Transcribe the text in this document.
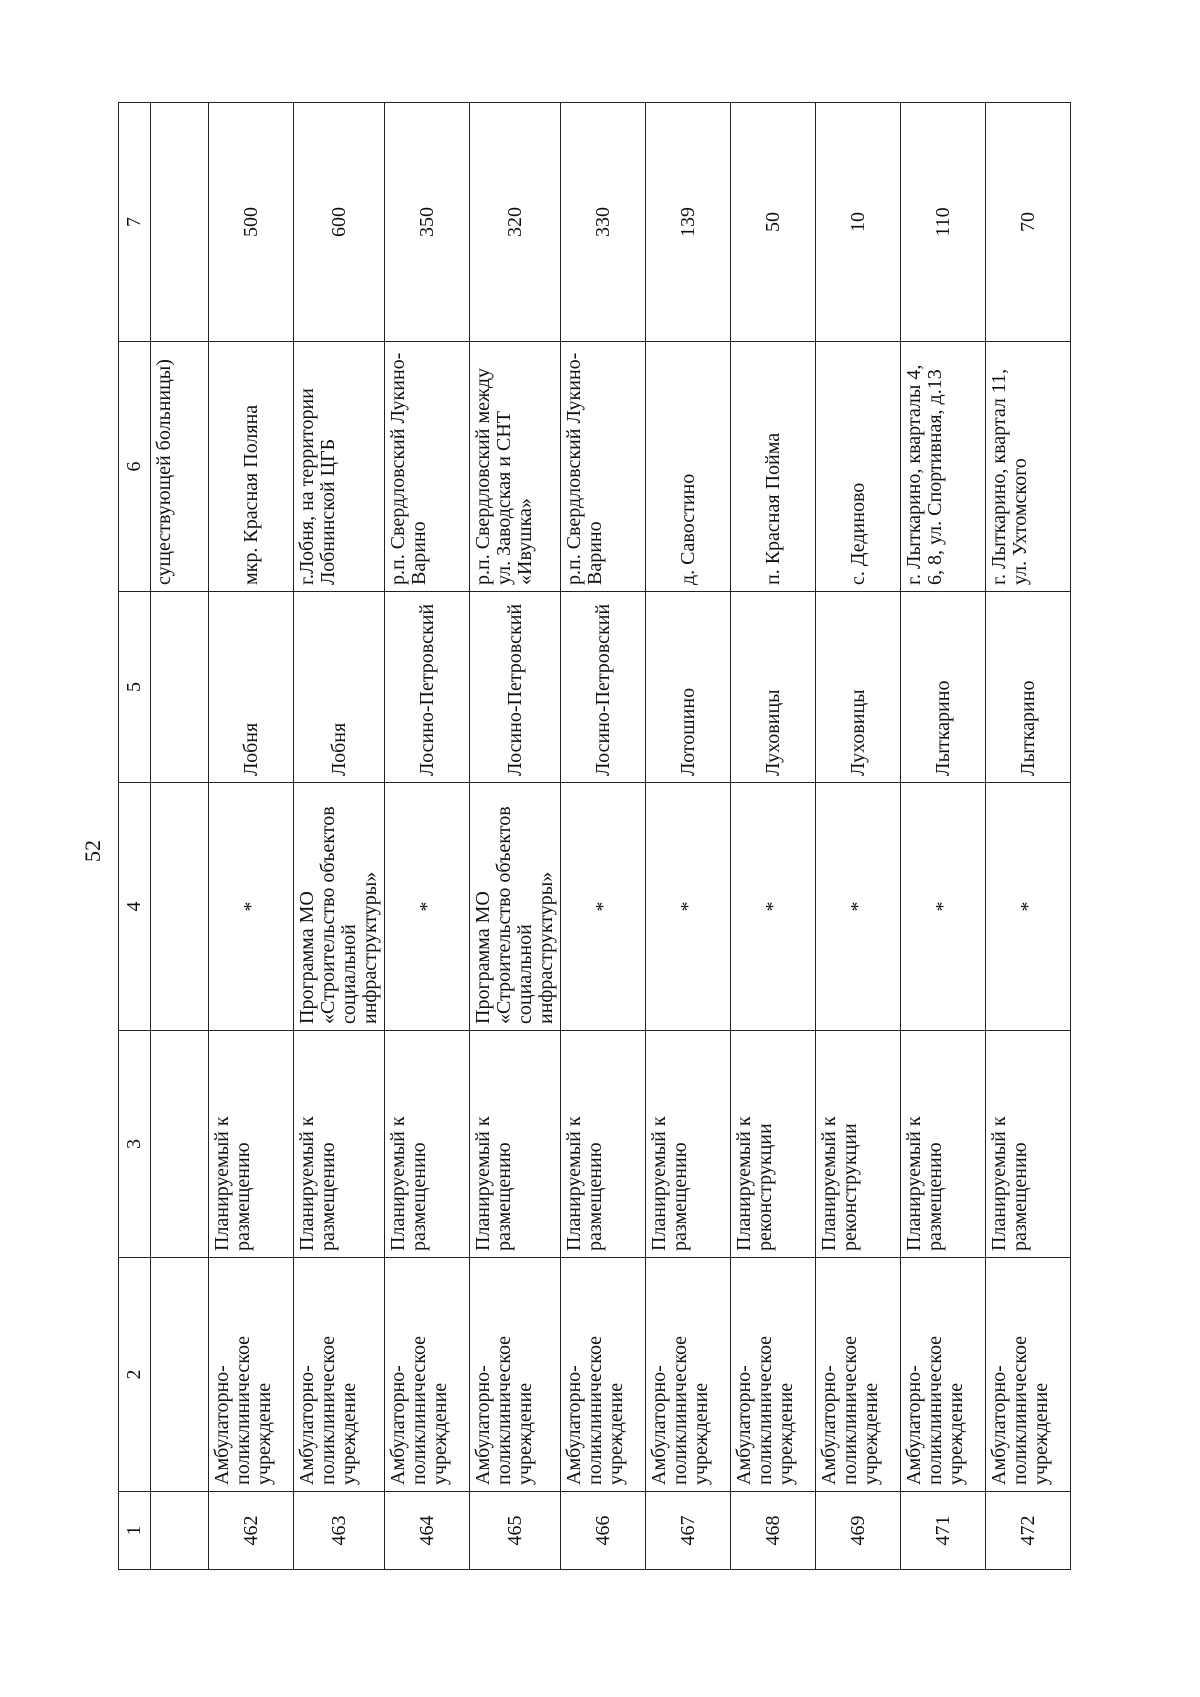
52
1	2	3	4	5	6	7
					существующей больницы)	
462	Амбулаторно-поликлиническое учреждение	Планируемый к размещению	*	Лобня	мкр. Красная Поляна	500
463	Амбулаторно-поликлиническое учреждение	Планируемый к размещению	Программа МО «Строительство объектов социальной инфраструктуры»	Лобня	г.Лобня, на территории Лобнинской ЦГБ	600
464	Амбулаторно-поликлиническое учреждение	Планируемый к размещению	*	Лосино-Петровский	р.п. Свердловский Лукино-Варино	350
465	Амбулаторно-поликлиническое учреждение	Планируемый к размещению	Программа МО «Строительство объектов социальной инфраструктуры»	Лосино-Петровский	р.п. Свердловский между ул. Заводская и СНТ «Ивушка»	320
466	Амбулаторно-поликлиническое учреждение	Планируемый к размещению	*	Лосино-Петровский	р.п. Свердловский Лукино-Варино	330
467	Амбулаторно-поликлиническое учреждение	Планируемый к размещению	*	Лотошино	д. Савостино	139
468	Амбулаторно-поликлиническое учреждение	Планируемый к реконструкции	*	Луховицы	п. Красная Пойма	50
469	Амбулаторно-поликлиническое учреждение	Планируемый к реконструкции	*	Луховицы	с. Дединово	10
471	Амбулаторно-поликлиническое учреждение	Планируемый к размещению	*	Лыткарино	г. Лыткарино, кварталы 4, 6, 8, ул. Спортивная, д.13	110
472	Амбулаторно-поликлиническое учреждение	Планируемый к размещению	*	Лыткарино	г. Лыткарино, квартал 11, ул. Ухтомского	70
